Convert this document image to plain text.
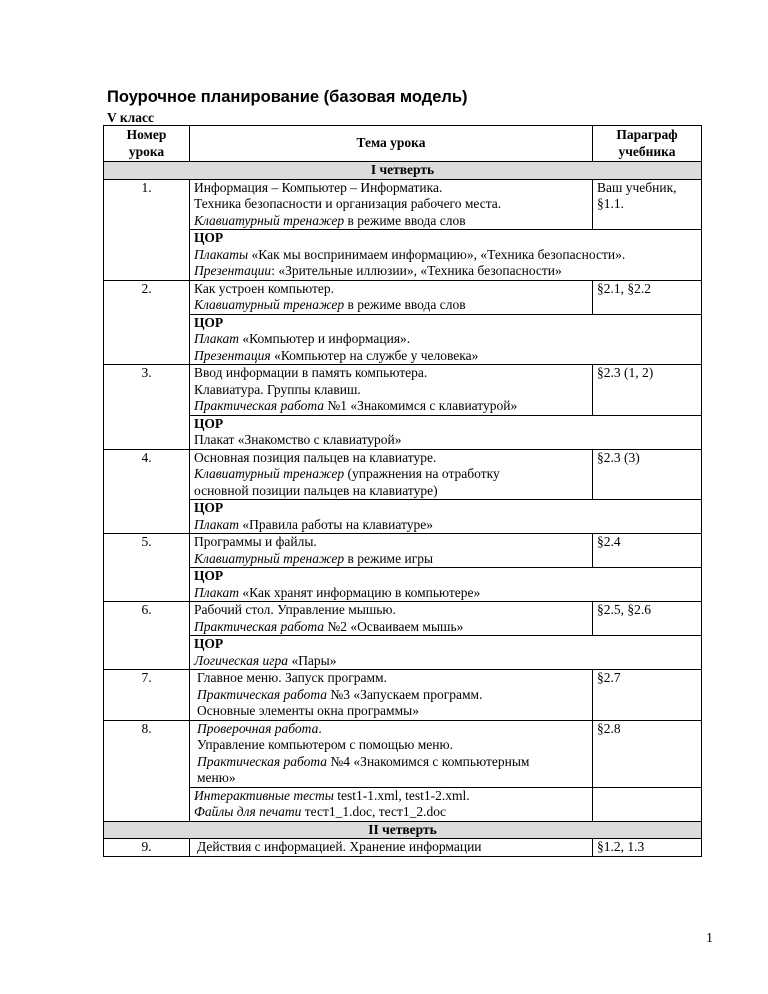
Поурочное планирование (базовая модель)
V класс
Номер
урока	Тема урока	Параграф
учебника

I четверть		
1.	Информация – Компьютер – Информатика.
Техника безопасности и организация рабочего места.
Клавиатурный тренажер в режиме ввода слов	Ваш учебник,
§1.1.

	ЦОР
Плакаты «Как мы воспринимаем информацию», «Техника безопасности».
Презентации: «Зрительные иллюзии», «Техника безопасности»	

2.	Как устроен компьютер.
Клавиатурный тренажер в режиме ввода слов	§2.1, §2.2

	ЦОР
Плакат «Компьютер и информация».
Презентация «Компьютер на службе у человека»	

3.	Ввод информации в память компьютера.
Клавиатура. Группы клавиш.
Практическая работа №1 «Знакомимся с клавиатурой»	§2.3 (1, 2)

	ЦОР
Плакат «Знакомство с клавиатурой»	

4.	Основная позиция пальцев на клавиатуре.
Клавиатурный тренажер (упражнения на отработку
основной позиции пальцев на клавиатуре)	§2.3 (3)

	ЦОР
Плакат «Правила работы на клавиатуре»	

5.	Программы и файлы.
Клавиатурный тренажер в режиме игры	§2.4

	ЦОР
Плакат «Как хранят информацию в компьютере»	

6.	Рабочий стол. Управление мышью.
Практическая работа №2 «Осваиваем мышь»	§2.5, §2.6

	ЦОР
Логическая игра «Пары»	

7.	Главное меню. Запуск программ.
Практическая работа №3 «Запускаем программ.
Основные элементы окна программы»	§2.7

8.	Проверочная работа.
Управление компьютером с помощью меню.
Практическая работа №4 «Знакомимся с компьютерным
меню»	§2.8

	Интерактивные тесты test1-1.xml, test1-2.xml.
Файлы для печати тест1_1.doc, тест1_2.doc	

II четверть		
9.	Действия с информацией. Хранение информации	§1.2, 1.3
1
